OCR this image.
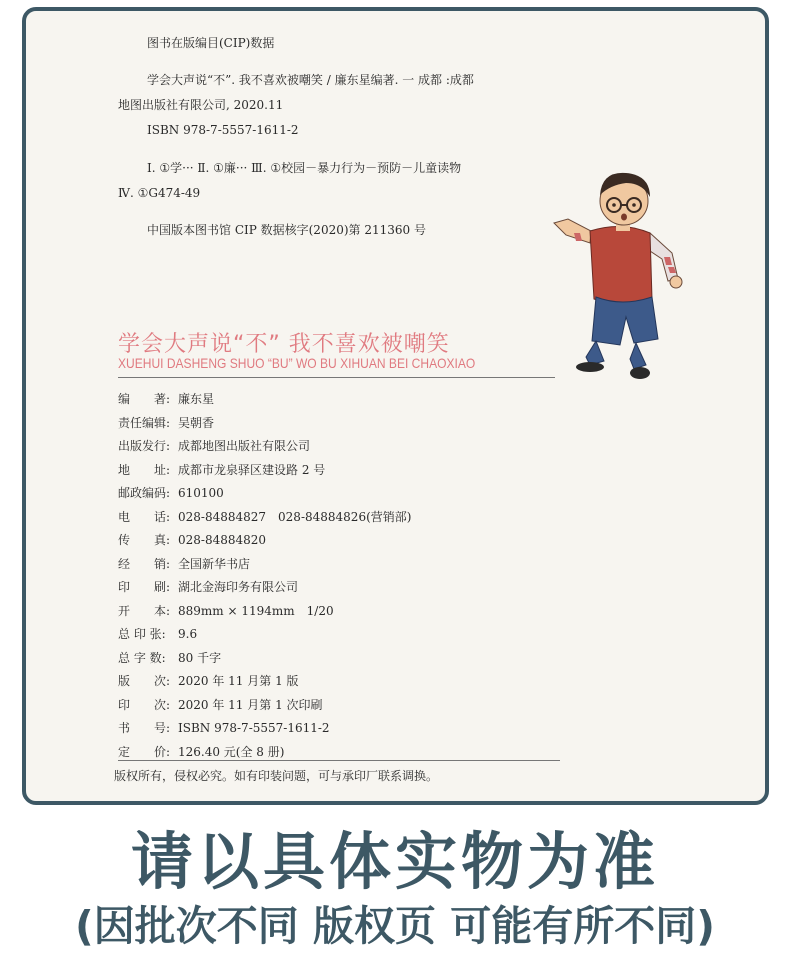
图书在版编目(CIP)数据
学会大声说“不”. 我不喜欢被嘲笑 / 廉东星编著. 一 成都 :成都
地图出版社有限公司, 2020.11
ISBN 978-7-5557-1611-2
Ⅰ. ①学··· Ⅱ. ①廉··· Ⅲ. ①校园－暴力行为－预防－儿童读物
Ⅳ. ①G474-49
中国版本图书馆 CIP 数据核字(2020)第 211360 号
学会大声说“不” 我不喜欢被嘲笑
XUEHUI DASHENG SHUO “BU” WO BU XIHUAN BEI CHAOXIAO
编　　著: 廉东星
责任编辑: 吴朝香
出版发行: 成都地图出版社有限公司
地　　址: 成都市龙泉驿区建设路 2 号
邮政编码: 610100
电　　话: 028-84884827　028-84884826(营销部)
传　　真: 028-84884820
经　　销: 全国新华书店
印　　刷: 湖北金海印务有限公司
开　　本: 889mm × 1194mm　1/20
总 印 张: 9.6
总 字 数: 80 千字
版　　次: 2020 年 11 月第 1 版
印　　次: 2020 年 11 月第 1 次印刷
书　　号: ISBN 978-7-5557-1611-2
定　　价: 126.40 元(全 8 册)
版权所有，侵权必究。如有印装问题，可与承印厂联系调换。
请以具体实物为准
(因批次不同 版权页 可能有所不同)
